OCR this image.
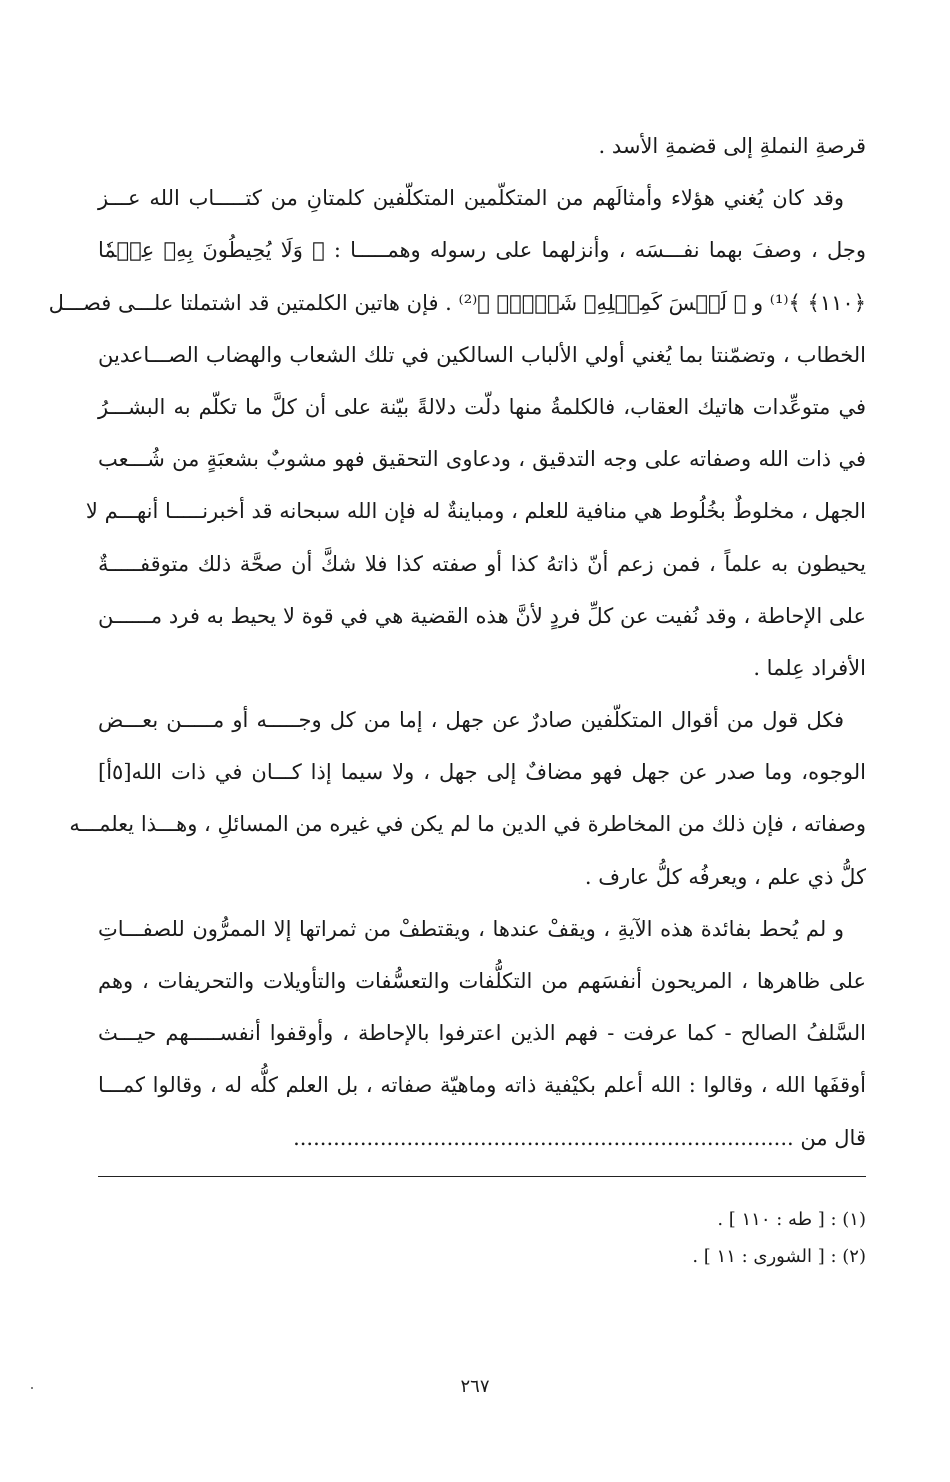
قرصةِ النملةِ إلى قضمةِ الأسد .
وقد كان يُغني هؤلاء وأمثالَهم من المتكلّمين المتكلّفين كلمتانِ من كتـــــاب الله عـــز
وجل ، وصفَ بهما نفـــسَه ، وأنزلهما على رسوله وهمـــــا : ﴿ وَلَا يُحِيطُونَ بِهِۦ عِلۡمٗا
﴿١١٠﴾ ﴾⁽¹⁾ و ﴿ لَيۡسَ كَمِثۡلِهِۦ شَيۡءٞۖ ﴾⁽²⁾ . فإن هاتين الكلمتين قد اشتملتا علـــى فصـــل
الخطاب ، وتضمّنتا بما يُغني أولي الألباب السالكين في تلك الشعاب والهضاب الصـــاعدين
في متوعِّدات هاتيك العقاب، فالكلمةُ منها دلّت دلالةً بيّنة على أن كلَّ ما تكلّم به البشـــرُ
في ذات الله وصفاته على وجه التدقيق ، ودعاوى التحقيق فهو مشوبٌ بشعبَةٍ من شُـــعب
الجهل ، مخلوطٌ بخُلُوط هي منافية للعلم ، ومباينةٌ له فإن الله سبحانه قد أخبرنـــــا أنهـــم لا
يحيطون به علماً ، فمن زعم أنّ ذاتهُ كذا أو صفته كذا فلا شكَّ أن صحَّة ذلك متوقفـــــةٌ
على الإحاطة ، وقد نُفيت عن كلِّ فردٍ لأنَّ هذه القضية هي في قوة لا يحيط به فرد مــــــن
الأفراد عِلما .
فكل قول من أقوال المتكلّفين صادرٌ عن جهل ، إما من كل وجـــــه أو مـــــن بعـــض
الوجوه، وما صدر عن جهل فهو مضافٌ إلى جهل ، ولا سيما إذا كـــان في ذات الله[٥أ]
وصفاته ، فإن ذلك من المخاطرة في الدين ما لم يكن في غيره من المسائلِ ، وهـــذا يعلمـــه
كلُّ ذي علم ، ويعرفُه كلُّ عارف .
و لم يُحط بفائدة هذه الآيةِ ، ويقفْ عندها ، ويقتطفْ من ثمراتها إلا الممرُّون للصفـــاتِ
على ظاهرها ، المريحون أنفسَهم من التكلُّفات والتعسُّفات والتأويلات والتحريفات ، وهم
السَّلفُ الصالح - كما عرفت - فهم الذين اعترفوا بالإحاطة ، وأوقفوا أنفســـــهم حيـــث
أوقفَها الله ، وقالوا : الله أعلم بكيْفية ذاته وماهيّة صفاته ، بل العلم كلُّه له ، وقالوا كمـــا
قال من ...........................................................................
(١) : [ طه : ١١٠ ] .
(٢) : [ الشورى : ١١ ] .
٢٦٧
